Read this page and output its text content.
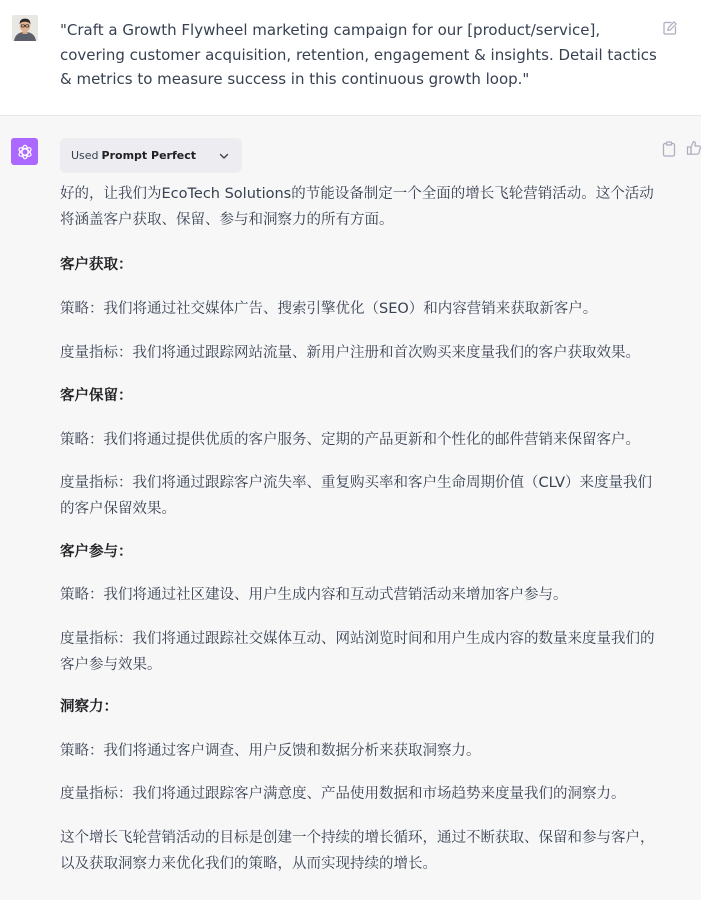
"Craft a Growth Flywheel marketing campaign for our [product/service], covering customer acquisition, retention, engagement & insights. Detail tactics & metrics to measure success in this continuous growth loop."
Used Prompt Perfect

好的，让我们为EcoTech Solutions的节能设备制定一个全面的增长飞轮营销活动。这个活动将涵盖客户获取、保留、参与和洞察力的所有方面。

客户获取：

策略：我们将通过社交媒体广告、搜索引擎优化（SEO）和内容营销来获取新客户。

度量指标：我们将通过跟踪网站流量、新用户注册和首次购买来度量我们的客户获取效果。

客户保留：

策略：我们将通过提供优质的客户服务、定期的产品更新和个性化的邮件营销来保留客户。

度量指标：我们将通过跟踪客户流失率、重复购买率和客户生命周期价值（CLV）来度量我们的客户保留效果。

客户参与：

策略：我们将通过社区建设、用户生成内容和互动式营销活动来增加客户参与。

度量指标：我们将通过跟踪社交媒体互动、网站浏览时间和用户生成内容的数量来度量我们的客户参与效果。

洞察力：

策略：我们将通过客户调查、用户反馈和数据分析来获取洞察力。

度量指标：我们将通过跟踪客户满意度、产品使用数据和市场趋势来度量我们的洞察力。

这个增长飞轮营销活动的目标是创建一个持续的增长循环，通过不断获取、保留和参与客户，以及获取洞察力来优化我们的策略，从而实现持续的增长。
